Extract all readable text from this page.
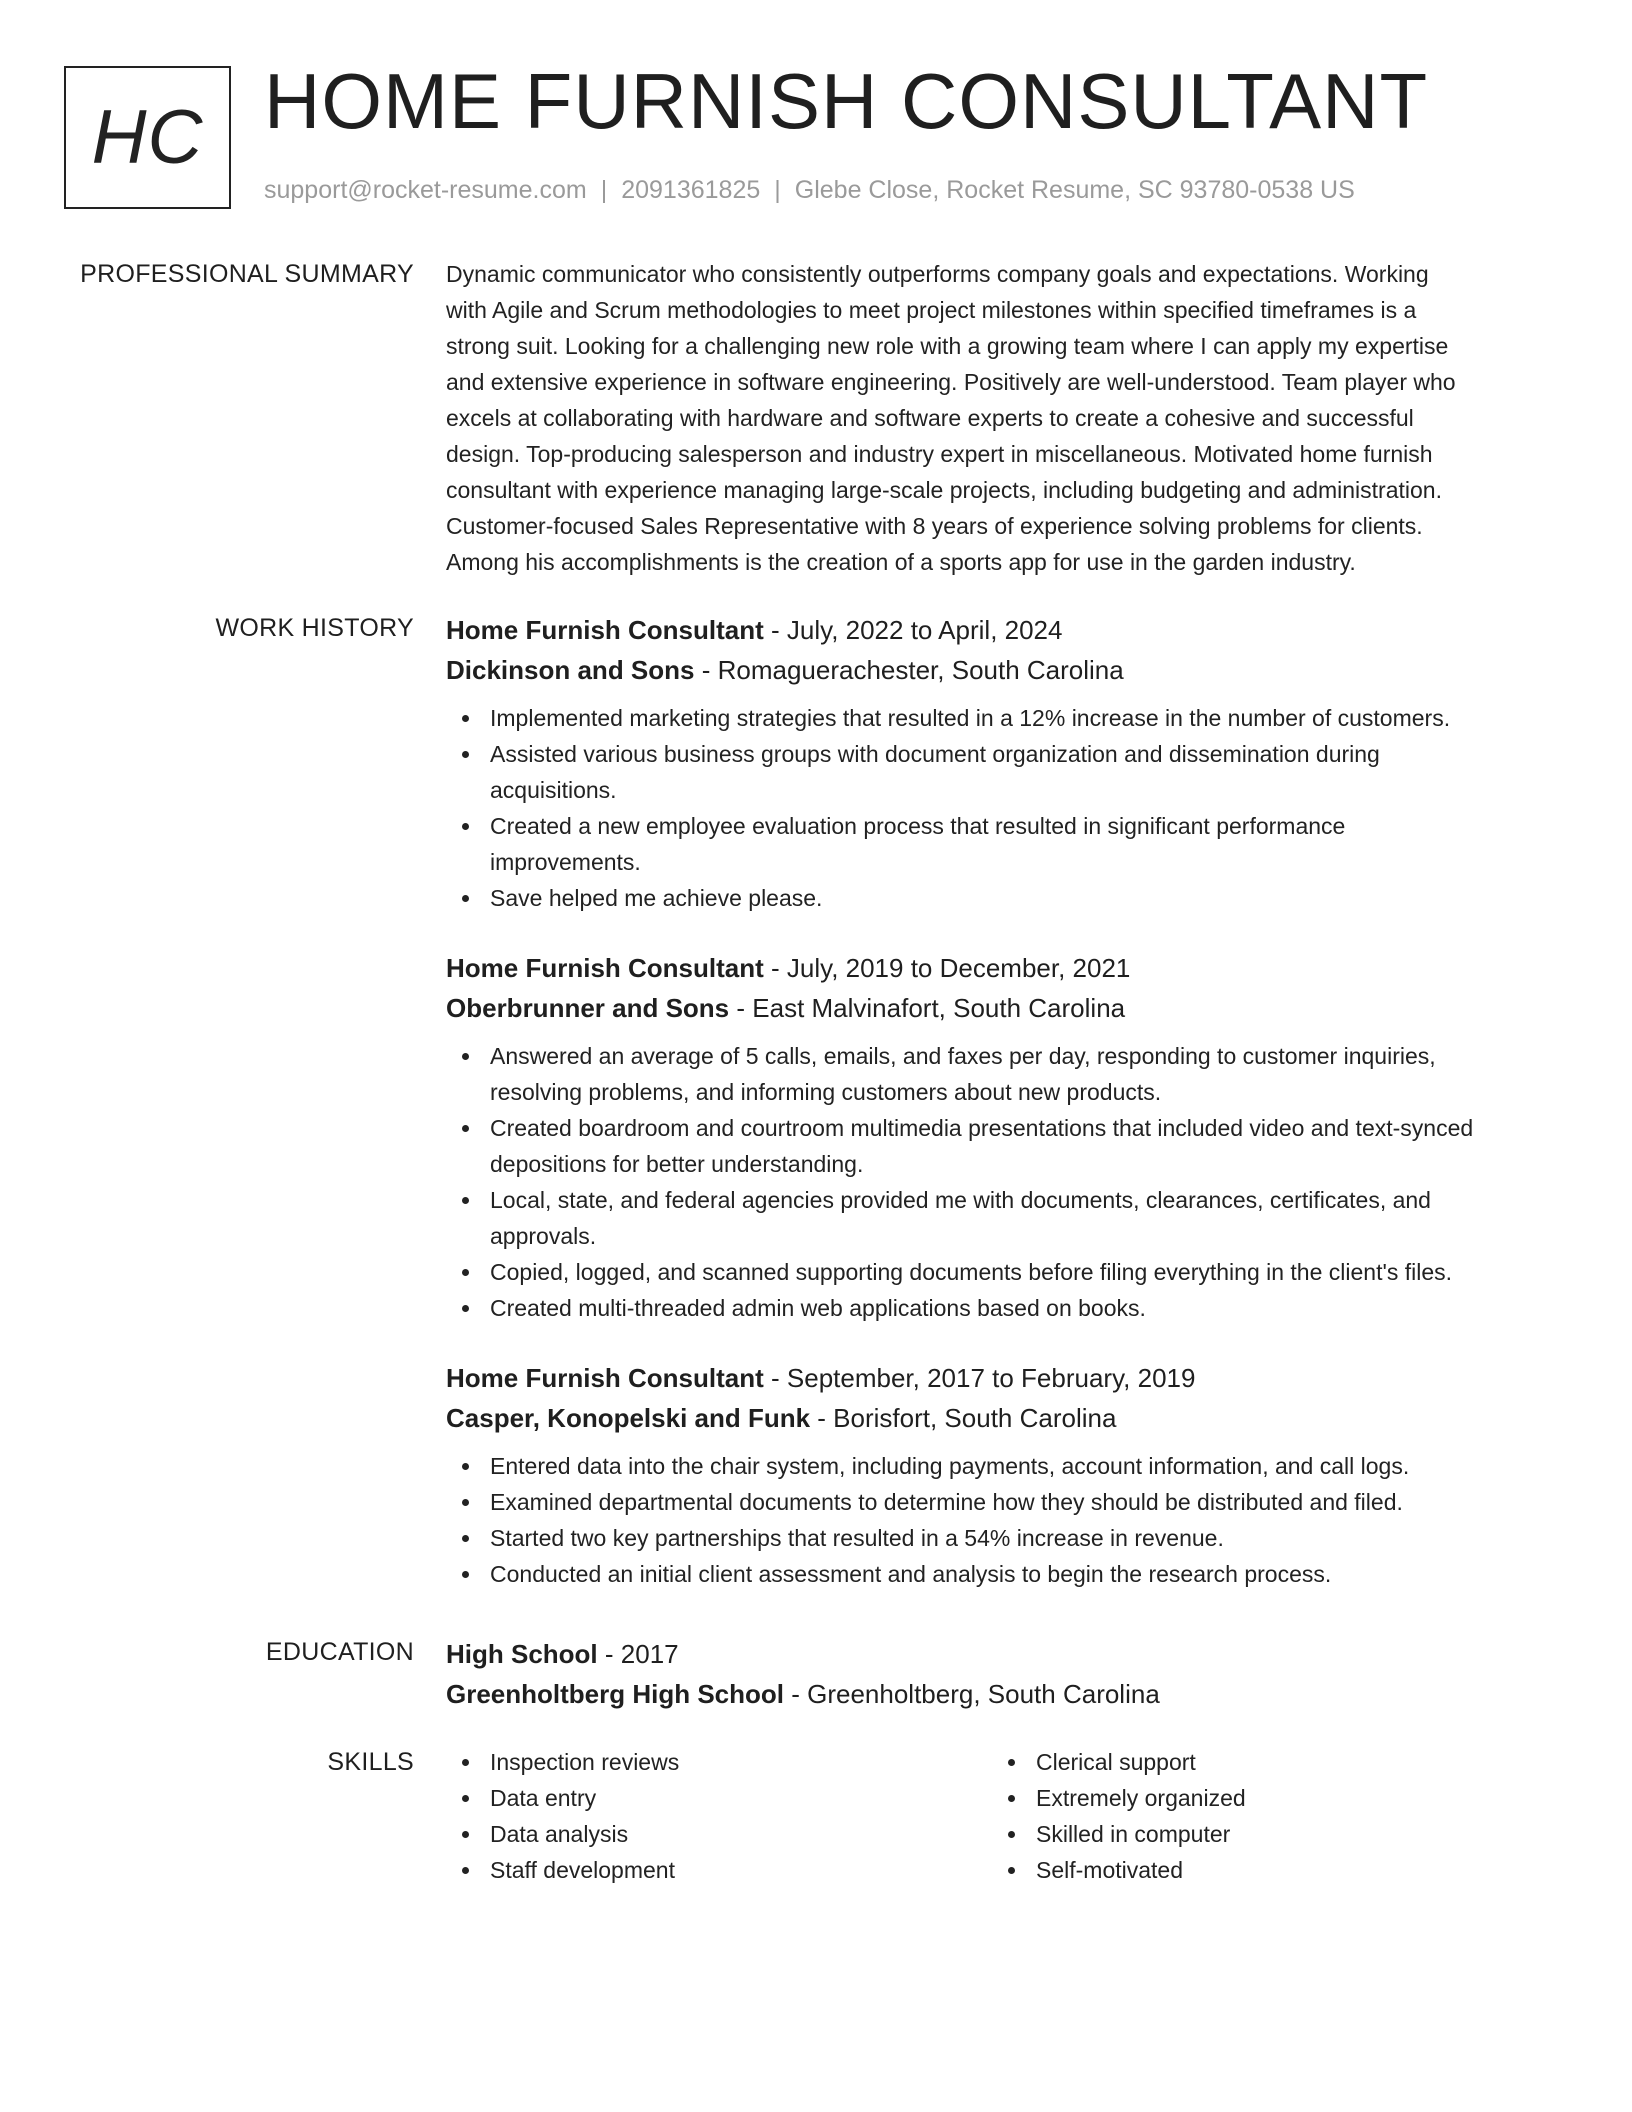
HC HOME FURNISH CONSULTANT
support@rocket-resume.com | 2091361825 | Glebe Close, Rocket Resume, SC 93780-0538 US
PROFESSIONAL SUMMARY Dynamic communicator who consistently outperforms company goals and expectations. Working
with Agile and Scrum methodologies to meet project milestones within specified timeframes is a
strong suit. Looking for a challenging new role with a growing team where I can apply my expertise
and extensive experience in software engineering. Positively are well-understood. Team player who
excels at collaborating with hardware and software experts to create a cohesive and successful
design. Top-producing salesperson and industry expert in miscellaneous. Motivated home furnish
consultant with experience managing large-scale projects, including budgeting and administration.
Customer-focused Sales Representative with 8 years of experience solving problems for clients.
Among his accomplishments is the creation of a sports app for use in the garden industry.
WORK HISTORY Home Furnish Consultant - July, 2022 to April, 2024
Dickinson and Sons - Romaguerachester, South Carolina
Implemented marketing strategies that resulted in a 12% increase in the number of customers.
Assisted various business groups with document organization and dissemination during
acquisitions.
Created a new employee evaluation process that resulted in significant performance
improvements.
Save helped me achieve please.
Home Furnish Consultant - July, 2019 to December, 2021
Oberbrunner and Sons - East Malvinafort, South Carolina
Answered an average of 5 calls, emails, and faxes per day, responding to customer inquiries,
resolving problems, and informing customers about new products.
Created boardroom and courtroom multimedia presentations that included video and text-synced
depositions for better understanding.
Local, state, and federal agencies provided me with documents, clearances, certificates, and
approvals.
Copied, logged, and scanned supporting documents before filing everything in the client's files.
Created multi-threaded admin web applications based on books.
Home Furnish Consultant - September, 2017 to February, 2019
Casper, Konopelski and Funk - Borisfort, South Carolina
Entered data into the chair system, including payments, account information, and call logs.
Examined departmental documents to determine how they should be distributed and filed.
Started two key partnerships that resulted in a 54% increase in revenue.
Conducted an initial client assessment and analysis to begin the research process.
EDUCATION High School - 2017
Greenholtberg High School - Greenholtberg, South Carolina
SKILLS	Inspection reviews
Data entry
Data analysis
Staff development
Clerical support
Extremely organized
Skilled in computer
Self-motivated
